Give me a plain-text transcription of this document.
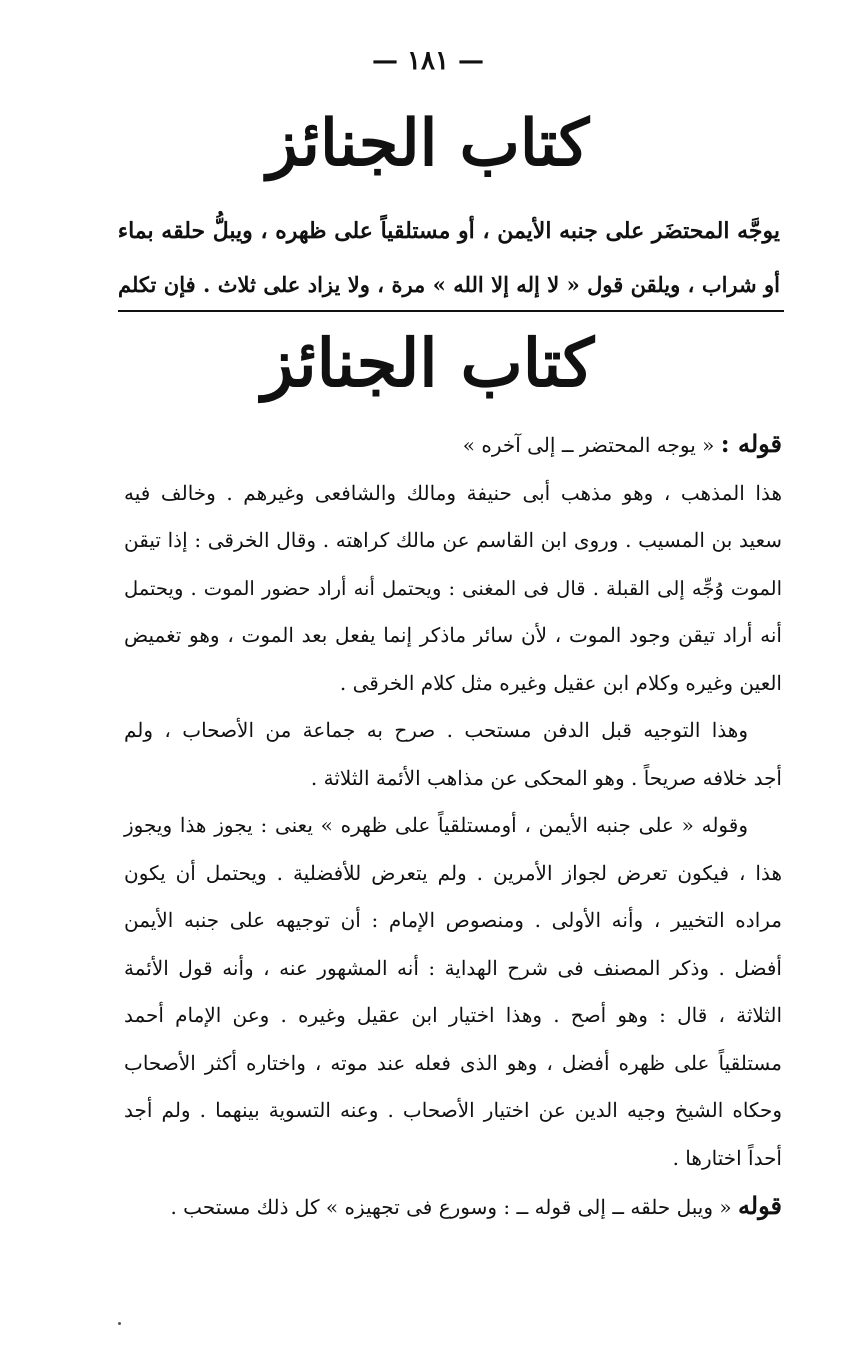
— ١٨١ —
كتاب الجنائز
يوجَّه المحتضَر على جنبه الأيمن ، أو مستلقياً على ظهره ، ويبلُّ حلقه بماء
أو شراب ، ويلقن قول « لا إله إلا الله » مرة ، ولا يزاد على ثلاث . فإن تكلم
كتاب الجنائز
قوله : « يوجه المحتضر ــ إلى آخره »
هذا المذهب ، وهو مذهب أبى حنيفة ومالك والشافعى وغيرهم . وخالف فيه
سعيد بن المسيب . وروى ابن القاسم عن مالك كراهته . وقال الخرقى : إذا تيقن
الموت وُجِّه إلى القبلة . قال فى المغنى : ويحتمل أنه أراد حضور الموت . ويحتمل
أنه أراد تيقن وجود الموت ، لأن سائر ماذكر إنما يفعل بعد الموت ، وهو تغميض
العين وغيره وكلام ابن عقيل وغيره مثل كلام الخرقى .
وهذا التوجيه قبل الدفن مستحب . صرح به جماعة من الأصحاب ، ولم
أجد خلافه صريحاً . وهو المحكى عن مذاهب الأئمة الثلاثة .
وقوله « على جنبه الأيمن ، أومستلقياً على ظهره » يعنى : يجوز هذا ويجوز
هذا ، فيكون تعرض لجواز الأمرين . ولم يتعرض للأفضلية . ويحتمل أن يكون
مراده التخيير ، وأنه الأولى . ومنصوص الإمام : أن توجيهه على جنبه الأيمن
أفضل . وذكر المصنف فى شرح الهداية : أنه المشهور عنه ، وأنه قول الأئمة
الثلاثة ، قال : وهو أصح . وهذا اختيار ابن عقيل وغيره . وعن الإمام أحمد
مستلقياً على ظهره أفضل ، وهو الذى فعله عند موته ، واختاره أكثر الأصحاب
وحكاه الشيخ وجيه الدين عن اختيار الأصحاب . وعنه التسوية بينهما . ولم أجد
أحداً اختارها .
قوله « ويبل حلقه ــ إلى قوله ــ : وسورع فى تجهيزه » كل ذلك مستحب .
